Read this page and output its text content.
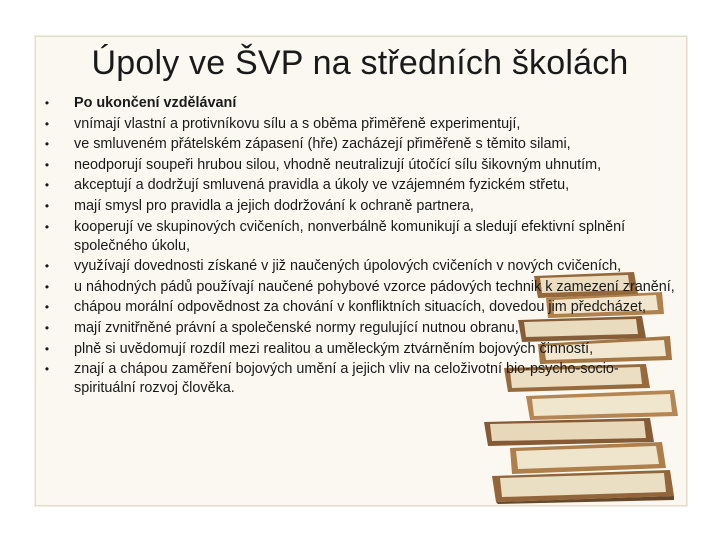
Úpoly ve ŠVP na středních školách
•	Po ukončení vzdělávaní
•	vnímají vlastní a protivníkovu sílu a s oběma přiměřeně experimentují,
•	ve smluveném přátelském zápasení (hře) zacházejí přiměřeně s těmito silami,
•	neodporují soupeři hrubou silou, vhodně neutralizují útočící sílu šikovným uhnutím,
•	akceptují a dodržují smluvená pravidla a úkoly ve vzájemném fyzickém střetu,
•	mají smysl pro pravidla a jejich dodržování k ochraně partnera,
•	kooperují ve skupinových cvičeních, nonverbálně komunikují a sledují efektivní splnění společného úkolu,
•	využívají dovednosti získané v již naučených úpolových cvičeních v nových cvičeních,
•	u náhodných pádů používají naučené pohybové vzorce pádových technik k zamezení zranění,
•	chápou morální odpovědnost za chování v konfliktních situacích, dovedou jim předcházet,
•	mají zvnitřněné právní a společenské normy regulující nutnou obranu,
•	plně si uvědomují rozdíl mezi realitou a uměleckým ztvárněním bojových činností,
•	znají a chápou zaměření bojových umění a jejich vliv na celoživotní bio-psycho-socio-spirituální rozvoj člověka.
